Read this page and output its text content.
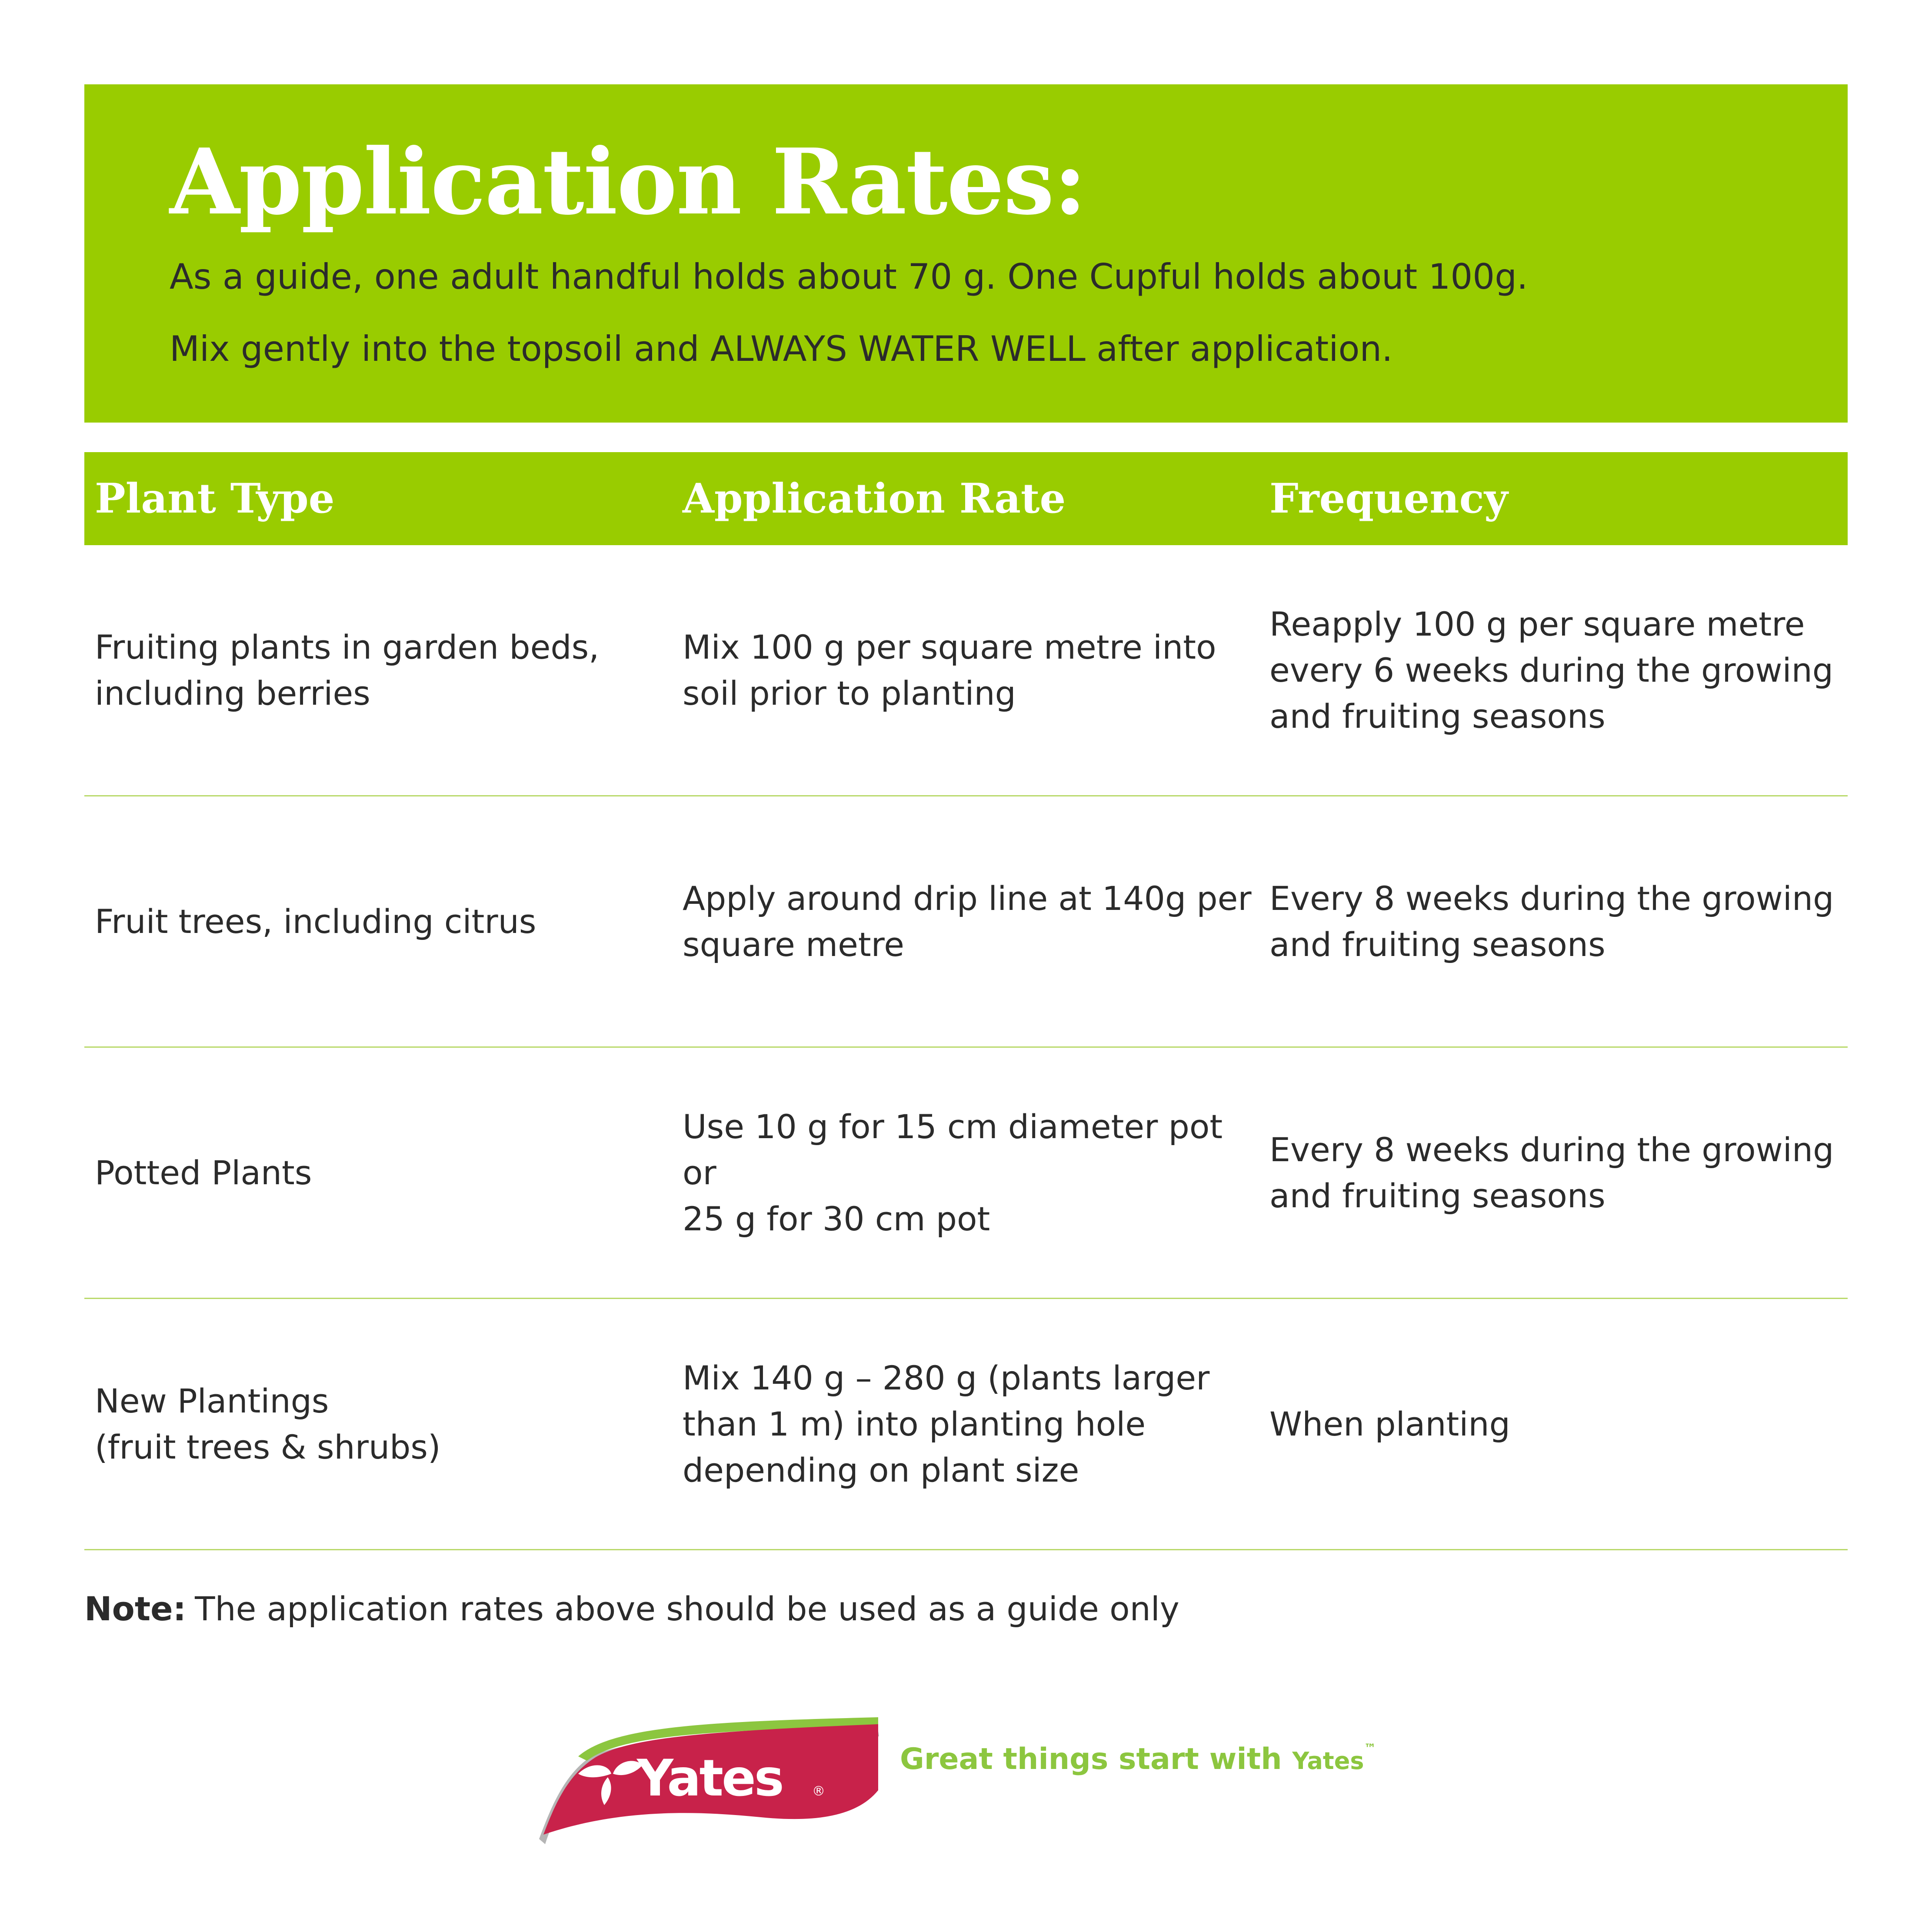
Application Rates:
As a guide, one adult handful holds about 70 g. One Cupful holds about 100g.
Mix gently into the topsoil and ALWAYS WATER WELL after application.
Plant Type	Application Rate	Frequency
Fruiting plants in garden beds,
including berries
Mix 100 g per square metre into
soil prior to planting
Reapply 100 g per square metre
every 6 weeks during the growing
and fruiting seasons
Fruit trees, including citrus
Apply around drip line at 140g per
square metre
Every 8 weeks during the growing
and fruiting seasons
Potted Plants
Use 10 g for 15 cm diameter pot or
25 g for 30 cm pot
Every 8 weeks during the growing
and fruiting seasons
New Plantings
(fruit trees & shrubs)
Mix 140 g – 280 g (plants larger
than 1 m) into planting hole
depending on plant size
When planting
Note: The application rates above should be used as a guide only
Yates ®
Great things start with Yates™
